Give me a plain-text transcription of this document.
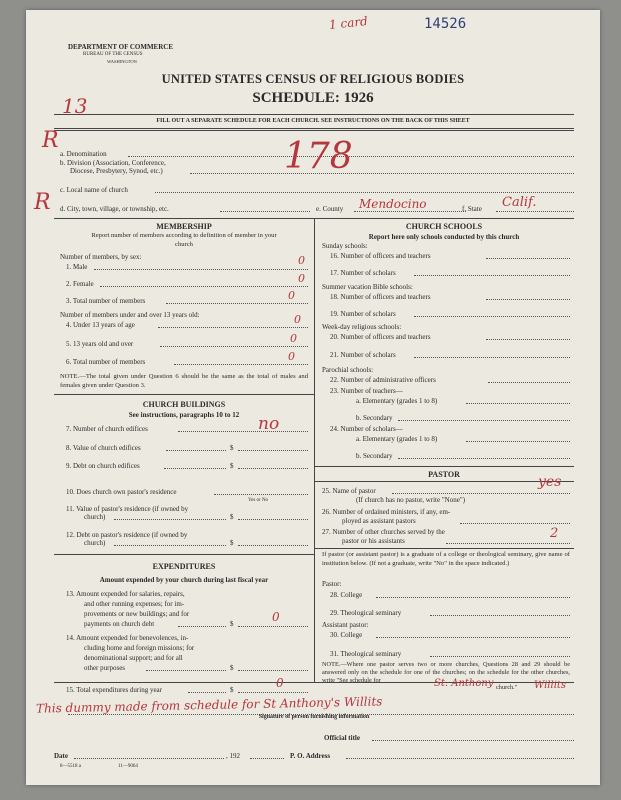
14526
1 card
DEPARTMENT OF COMMERCE
BUREAU OF THE CENSUS
WASHINGTON
UNITED STATES CENSUS OF RELIGIOUS BODIES
SCHEDULE: 1926
FILL OUT A SEPARATE SCHEDULE FOR EACH CHURCH. SEE INSTRUCTIONS ON THE BACK OF THIS SHEET
13
R
R
a. Denomination
b. Division (Association, Conference,
Diocese, Presbytery, Synod, etc.)	178
c. Local name of church
d. City, town, village, or township, etc.	e. County Mendocino	f. State Calif.
MEMBERSHIP
Report number of members according to definition of member in your church
Number of members, by sex:
1. Male	0
2. Female	0
3. Total number of members	0
Number of members under and over 13 years old:
4. Under 13 years of age	0
5. 13 years old and over	0
6. Total number of members	0
NOTE.—The total given under Question 6 should be the same as the total of males and females given under Question 3.
CHURCH BUILDINGS
See instructions, paragraphs 10 to 12
7. Number of church edifices	no
8. Value of church edifices	$
9. Debt on church edifices	$
10. Does church own pastor's residence
Yes or No
11. Value of pastor's residence (if owned by
church)	$
12. Debt on pastor's residence (if owned by
church)	$
EXPENDITURES
Amount expended by your church during last fiscal year
13. Amount expended for salaries, repairs,
and other running expenses; for im-
provements or new buildings; and for
payments on church debt	$	0
14. Amount expended for benevolences, in-
cluding home and foreign missions; for
denominational support; and for all
other purposes	$
15. Total expenditures during year	$	0
CHURCH SCHOOLS
Report here only schools conducted by this church
Sunday schools:
16. Number of officers and teachers
17. Number of scholars
Summer vacation Bible schools:
18. Number of officers and teachers
19. Number of scholars
Week-day religious schools:
20. Number of officers and teachers
21. Number of scholars
Parochial schools:
22. Number of administrative officers
23. Number of teachers—
a. Elementary (grades 1 to 8)
b. Secondary
24. Number of scholars—
a. Elementary (grades 1 to 8)
b. Secondary
PASTOR
25. Name of pastor
yes
(If church has no pastor, write "None")
26. Number of ordained ministers, if any, em-
ployed as assistant pastors
27. Number of other churches served by the
pastor or his assistants	2
If pastor (or assistant pastor) is a graduate of a college or theological seminary, give name of institution below. (If not a graduate, write "No" in the space indicated.)
Pastor:
28. College
29. Theological seminary
Assistant pastor:
30. College
31. Theological seminary
NOTE.—Where one pastor serves two or more churches, Questions 28 and 29 should be answered only on the schedule for one of the churches; on the schedule for the other churches, write "See schedule for
church."
St. Anthony	Willits
This dummy made from schedule for St Anthony's Willits
Signature of person furnishing information
Official title
Date	, 192	P. O. Address
8—5518 a	11—9064
